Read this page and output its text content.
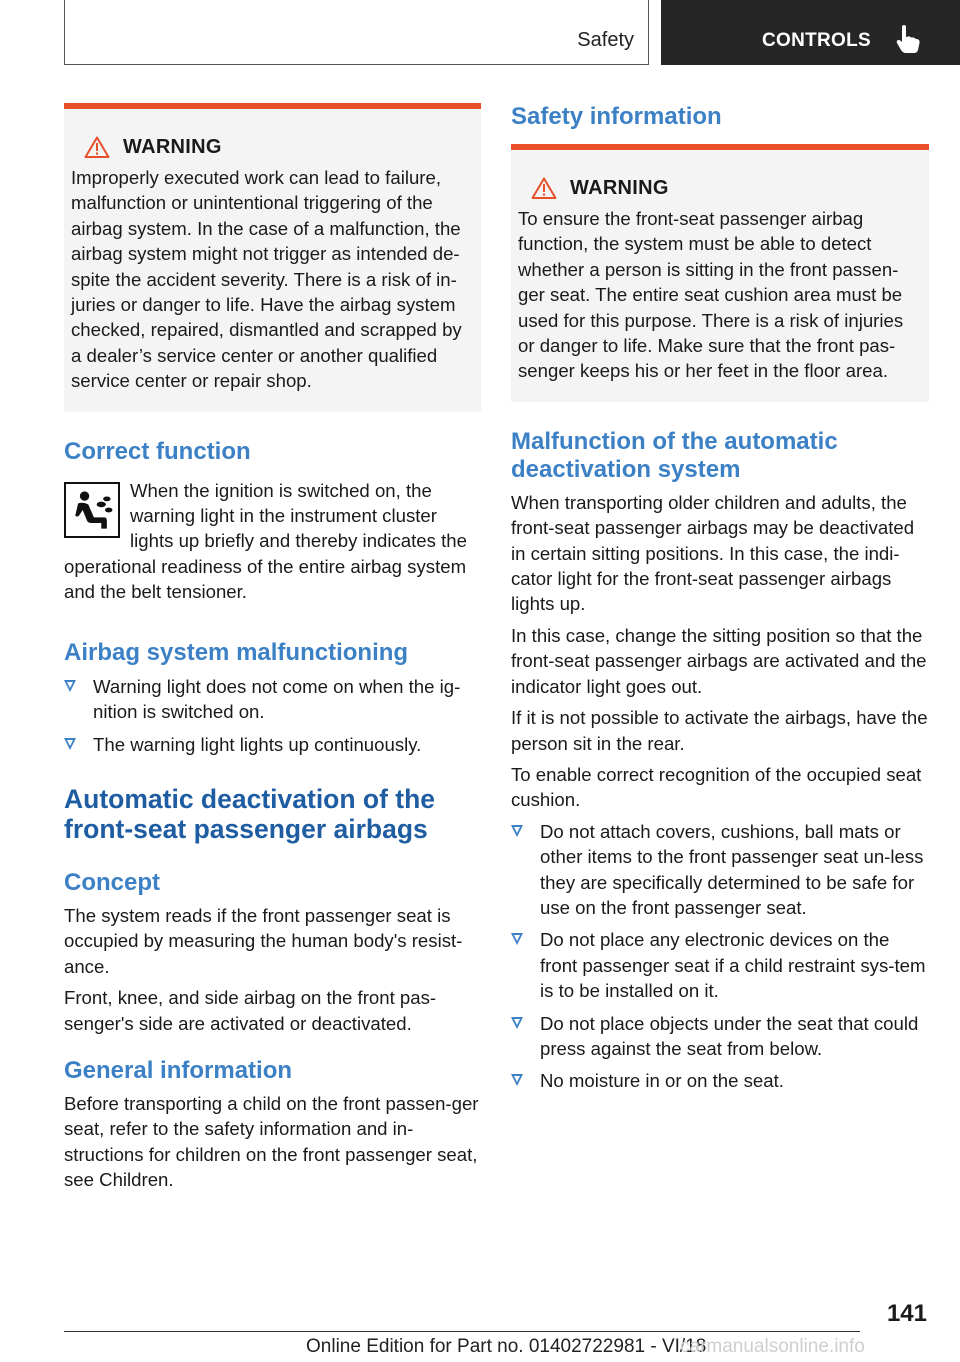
Safety	CONTROLS
WARNING

Improperly executed work can lead to failure, malfunction or unintentional triggering of the airbag system. In the case of a malfunction, the airbag system might not trigger as intended de-spite the accident severity. There is a risk of in-juries or danger to life. Have the airbag system checked, repaired, dismantled and scrapped by a dealer’s service center or another qualified service center or repair shop.

Correct function

When the ignition is switched on, the warning light in the instrument cluster lights up briefly and thereby indicates the operational readiness of the entire airbag system and the belt tensioner.

Airbag system malfunctioning
Warning light does not come on when the ig-nition is switched on.
The warning light lights up continuously.
Automatic deactivation of the front-seat passenger airbags
Concept

The system reads if the front passenger seat is occupied by measuring the human body's resist-ance.

Front, knee, and side airbag on the front pas-senger's side are activated or deactivated.

General information

Before transporting a child on the front passen-ger seat, refer to the safety information and in-structions for children on the front passenger seat, see Children.

Safety information
WARNING

To ensure the front-seat passenger airbag function, the system must be able to detect whether a person is sitting in the front passen-ger seat. The entire seat cushion area must be used for this purpose. There is a risk of injuries or danger to life. Make sure that the front pas-senger keeps his or her feet in the floor area.

Malfunction of the automatic deactivation system

When transporting older children and adults, the front-seat passenger airbags may be deactivated in certain sitting positions. In this case, the indi-cator light for the front-seat passenger airbags lights up.

In this case, change the sitting position so that the front-seat passenger airbags are activated and the indicator light goes out.

If it is not possible to activate the airbags, have the person sit in the rear.

To enable correct recognition of the occupied seat cushion.

Do not attach covers, cushions, ball mats or other items to the front passenger seat un-less they are specifically determined to be safe for use on the front passenger seat.
Do not place any electronic devices on the front passenger seat if a child restraint sys-tem is to be installed on it.
Do not place objects under the seat that could press against the seat from below.
No moisture in or on the seat.
141
Online Edition for Part no. 01402722981 - VI/18
carmanualsonline.info
